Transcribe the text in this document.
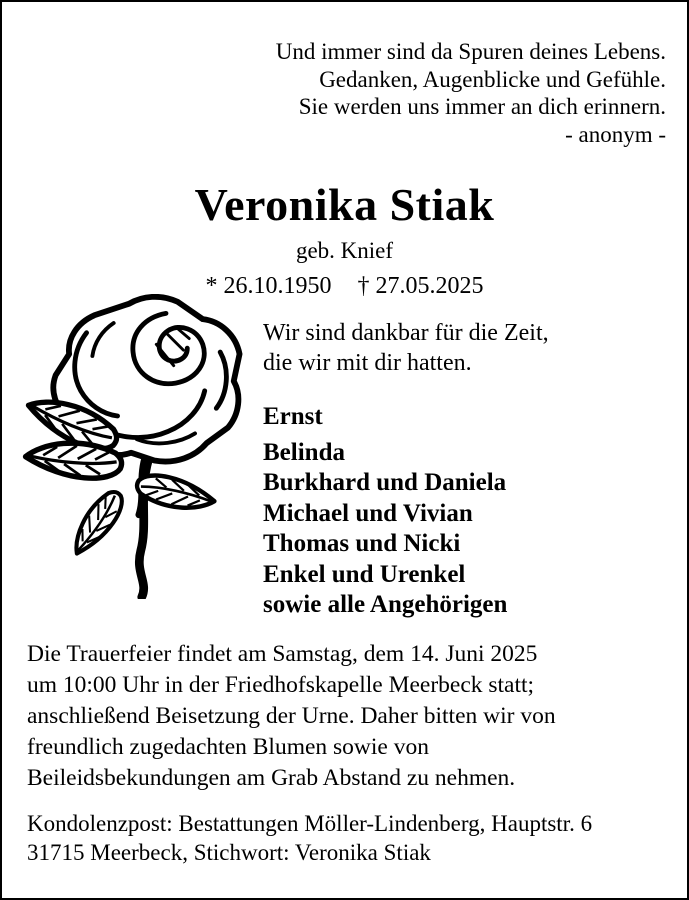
Und immer sind da Spuren deines Lebens.
Gedanken, Augenblicke und Gefühle.
Sie werden uns immer an dich erinnern.
- anonym -
Veronika Stiak
geb. Knief
* 26.10.1950 † 27.05.2025
Wir sind dankbar für die Zeit,
die wir mit dir hatten.
Ernst
Belinda
Burkhard und Daniela
Michael und Vivian
Thomas und Nicki
Enkel und Urenkel
sowie alle Angehörigen
Die Trauerfeier findet am Samstag, dem 14. Juni 2025
um 10:00 Uhr in der Friedhofskapelle Meerbeck statt;
anschließend Beisetzung der Urne. Daher bitten wir von
freundlich zugedachten Blumen sowie von
Beileidsbekundungen am Grab Abstand zu nehmen.
Kondolenzpost: Bestattungen Möller-Lindenberg, Hauptstr. 6
31715 Meerbeck, Stichwort: Veronika Stiak
